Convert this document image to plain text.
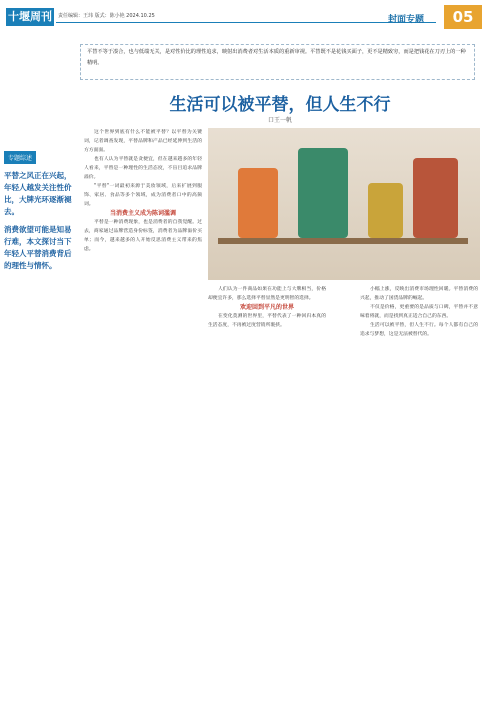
十堰周刊	责任编辑：王玮 版式：陈小艳 2024.10.25	封面专题	05
平替不等于凑合，也与低端无关，是对性价比的理性追求，映射出消费者对生活本质的重新审视。平替既不是花钱买面子，更不是精致穷，而是把钱花在刀刃上的一种精明。
生活可以被平替，但人生不行
口王一帆
专题综述

平替之风正在兴起，年轻人越发关注性价比，大牌光环逐渐褪去。

消费欲望可能是知易行难，本文探讨当下年轻人平替消费背后的理性与情怀。

这个世界到底有什么不能被平替？以平替为关键词，记者调查发现，平替品牌和产品已经延伸到生活的方方面面。

也有人认为平替就是贪便宜，但在越来越多的年轻人看来，平替是一种理性的生活态度，不盲目追求品牌溢价。

"平替"一词最初来源于美妆领域，后来扩展到服饰、家居、食品等多个领域，成为消费者口中的高频词。

当消费主义成为陈词滥调

平替是一种消费现象，也是消费者的自我觉醒。过去，商家通过品牌营造身份标签，消费者为品牌溢价买单；而今，越来越多的人开始反思消费主义带来的焦虑。

人们认为一件商品如果在功能上与大牌相当，价格却便宜许多，那么选择平替显然是更明智的选择。

欢迎回到平凡的世界

在变化莫测的世界里，平替代表了一种回归本真的生活态度，不再被过度营销所裹挟。

小幅上涨，反映出消费市场理性回暖。平替消费的兴起，推动了国货品牌的崛起。

不仅是价格，更重要的是品质与口碑，平替并不意味着将就，而是找到真正适合自己的东西。

生活可以被平替，但人生不行。每个人都有自己的追求与梦想，这是无法被替代的。
